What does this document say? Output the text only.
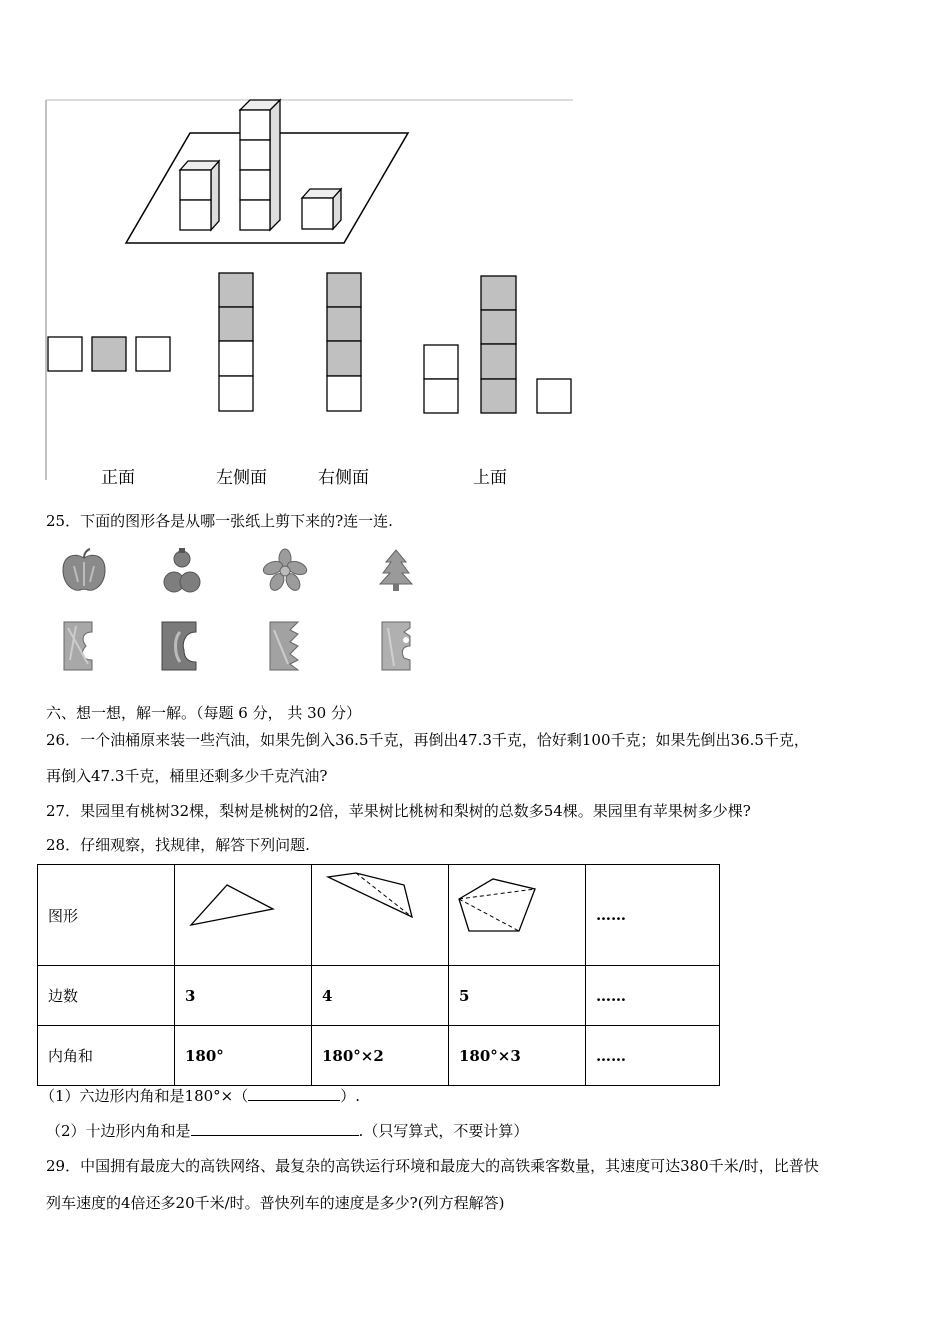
正面	左侧面	右侧面	上面
25．下面的图形各是从哪一张纸上剪下来的?连一连.
六、想一想，解一解。（每题 6 分， 共 30 分）
26．一个油桶原来装一些汽油，如果先倒入36.5千克，再倒出47.3千克，恰好剩100千克；如果先倒出36.5千克，
再倒入47.3千克，桶里还剩多少千克汽油?
27．果园里有桃树32棵，梨树是桃树的2倍，苹果树比桃树和梨树的总数多54棵。果园里有苹果树多少棵?
28．仔细观察，找规律，解答下列问题.
图形				……
边数	3	4	5	……
内角和	180°	180°×2	180°×3	……
（1）六边形内角和是180°×（	）.
（2）十边形内角和是	.（只写算式，不要计算）
29．中国拥有最庞大的高铁网络、最复杂的高铁运行环境和最庞大的高铁乘客数量，其速度可达380千米/时，比普快
列车速度的4倍还多20千米/时。普快列车的速度是多少?(列方程解答)
